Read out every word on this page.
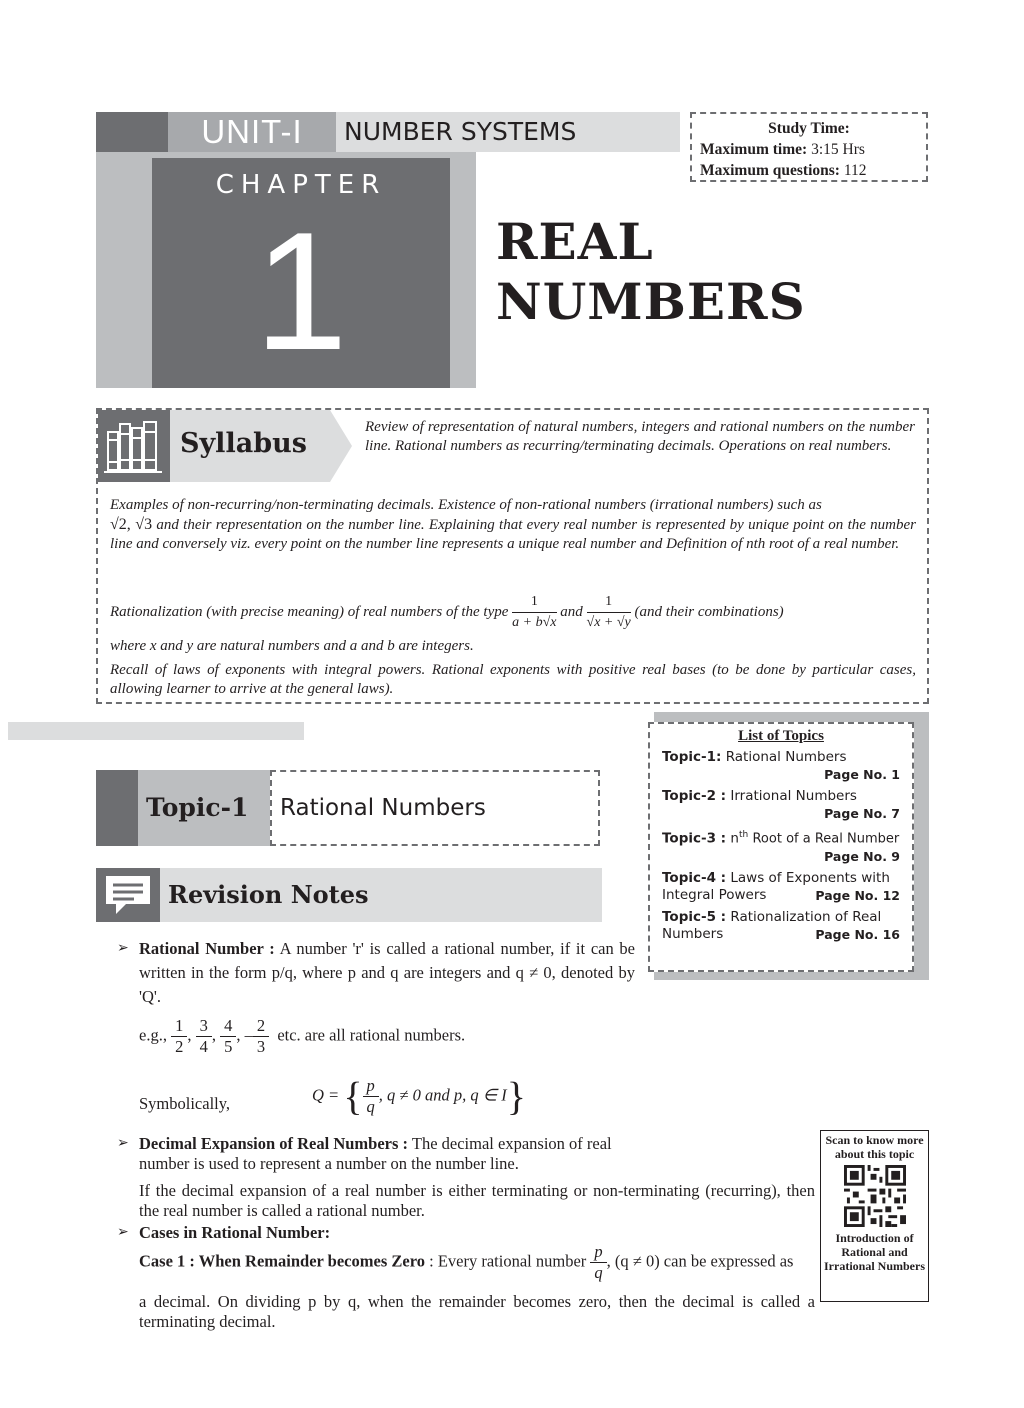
UNIT-I	NUMBER SYSTEMS
CHAPTER
1	REAL
NUMBERS
Study Time:
Maximum time: 3:15 Hrs
Maximum questions: 112
Syllabus
Review of representation of natural numbers, integers and rational numbers on the number line. Rational numbers as recurring/terminating decimals. Operations on real numbers.
Examples of non-recurring/non-terminating decimals. Existence of non-rational numbers (irrational numbers) such as
√2, √3 and their representation on the number line. Explaining that every real number is represented by unique point on the number line and conversely viz. every point on the number line represents a unique real number and Definition of nth root of a real number.
Rationalization (with precise meaning) of real numbers of the type $\frac{1}{a + b√x}$ and $\frac{1}{√x + √y} (and$ their combinations)
where x and y are natural numbers and a and b are integers.
Recall of laws of exponents with integral powers. Rational exponents with positive real bases (to be done by particular cases, allowing learner to arrive at the general laws).
List of Topics
Topic-1: Rational Numbers
Page No. 1
Topic-2 : Irrational Numbers
Page No. 7
Topic-3 : $n^{th}$ Root of a Real Number
Page No. 9
Topic-4 : Laws of Exponents with Integral Powers	Page No. 12
Topic-5 : Rationalization of Real Numbers	Page No. 16
Topic-1	Rational Numbers
Revision Notes
➢ Rational Number : A number 'r' is called a rational number, if it can be written in the form p/q, where p and q are integers and q ≠ 0, denoted by 'Q'.
e.g., $\frac{1}{2}$ , $\frac{3}{4}$ , $\frac{4}{5}$ , – $\frac{2}{3}$ etc. are all rational numbers.
Symbolically,	Q = { $\frac{p}{q}$ , q ≠ 0 and p, q ∈ I}
➢ Decimal Expansion of Real Numbers : The decimal expansion of real number is used to represent a number on the number line.
If the decimal expansion of a real number is either terminating or non-terminating (recurring), then the real number is called a rational number.
➢ Cases in Rational Number:
Case 1 : When Remainder becomes Zero : Every rational number $\frac{p}{q}$ , (q ≠ 0) can be expressed as
a decimal. On dividing p by q, when the remainder becomes zero, then the decimal is called a terminating decimal.
Scan to know more about this topic
Introduction of Rational and Irrational Numbers
